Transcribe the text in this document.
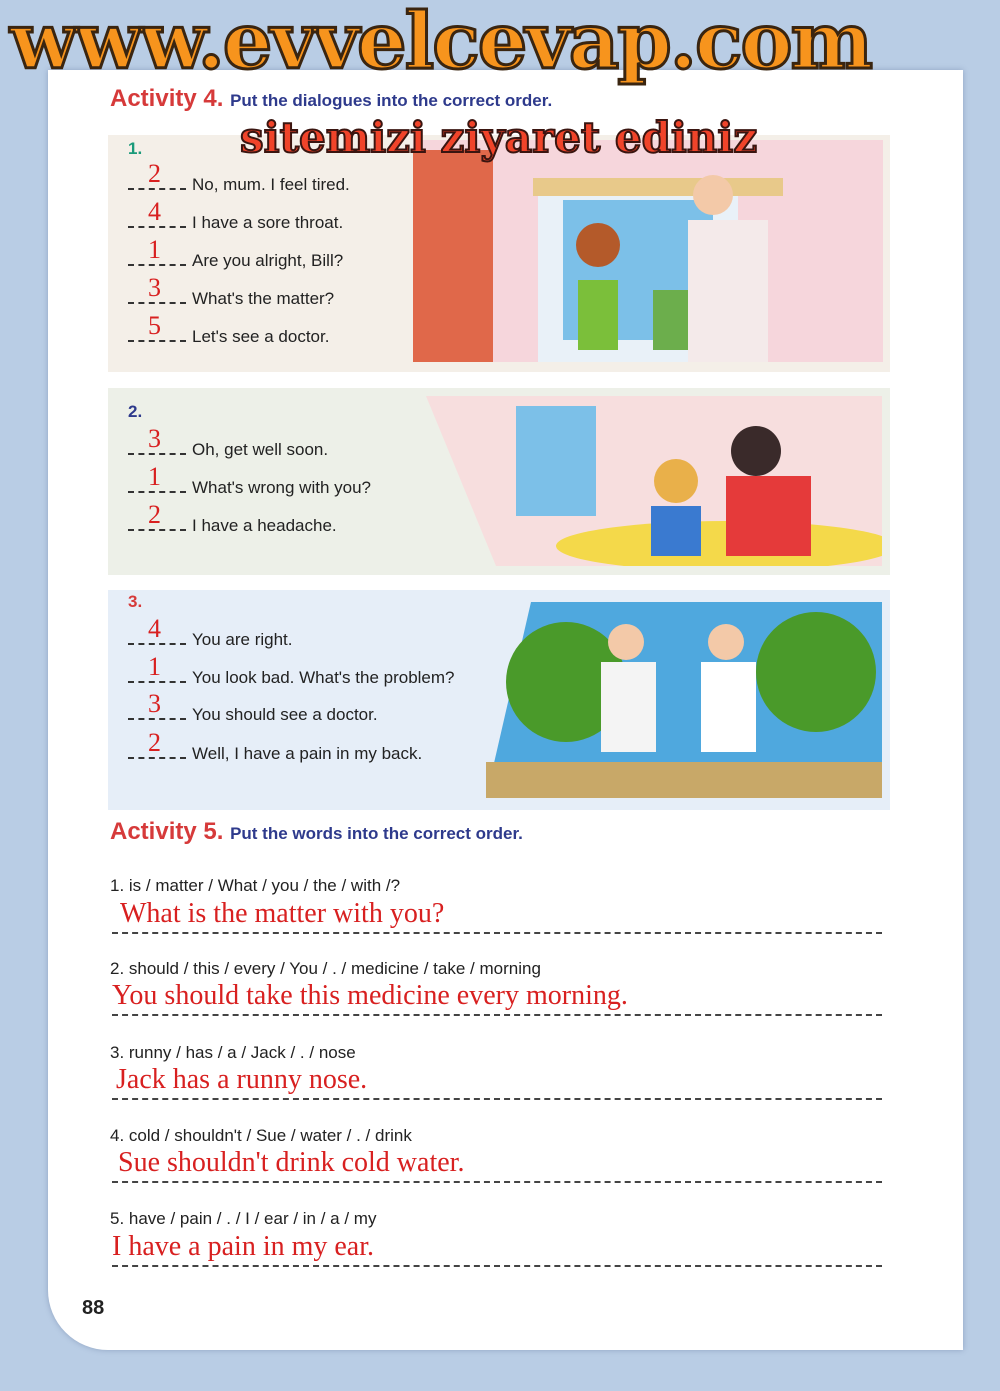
www.evvelcevap.com
Activity 4. Put the dialogues into the correct order.
sitemizi ziyaret ediniz
1.
2 No, mum. I feel tired.
4 I have a sore throat.
1 Are you alright, Bill?
3 What's the matter?
5 Let's see a doctor.
2.
3 Oh, get well soon.
1 What's wrong with you?
2 I have a headache.
3.
4 You are right.
1 You look bad. What's the problem?
3 You should see a doctor.
2 Well, I have a pain in my back.
Activity 5. Put the words into the correct order.
1. is / matter / What / you / the / with /?
What is the matter with you?
2. should / this / every / You / . / medicine / take / morning
You should take this medicine every morning.
3. runny / has / a / Jack / . / nose
Jack has a runny nose.
4. cold / shouldn't / Sue / water / . / drink
Sue shouldn't drink cold water.
5. have / pain / . / I / ear / in / a / my
I have a pain in my ear.
88
